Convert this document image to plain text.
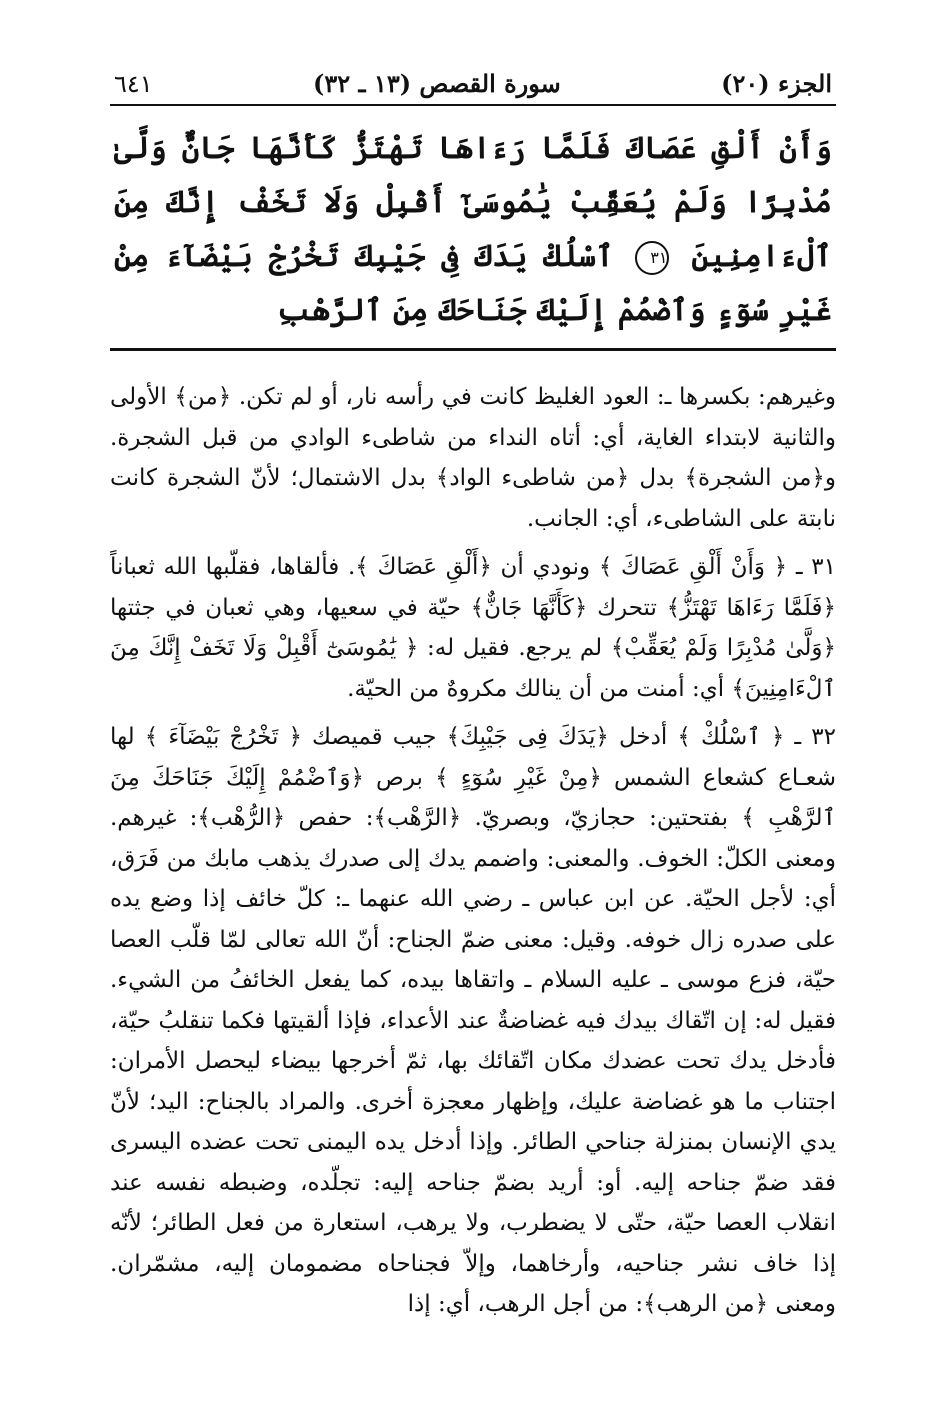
الجزء (٢٠)
سورة القصص (١٣ ـ ٣٢)
٦٤١
وَأَنْ أَلْقِ عَصَاكَ فَلَمَّا رَءَاهَا تَهْتَزُّ كَأَنَّهَا جَانٌّ وَلَّىٰ مُدْبِرًا وَلَمْ يُعَقِّبْ يَٰمُوسَىٰٓ أَقْبِلْ وَلَا تَخَفْ إِنَّكَ مِنَ ٱلْءَامِنِينَ ٣١ ٱسْلُكْ يَدَكَ فِى جَيْبِكَ تَخْرُجْ بَيْضَآءَ مِنْ غَيْرِ سُوٓءٍ وَٱضْمُمْ إِلَيْكَ جَنَاحَكَ مِنَ ٱلرَّهْبِ

وغيرهم: بكسرها ـ: العود الغليظ كانت في رأسه نار، أو لم تكن. ﴿من﴾ الأولى والثانية لابتداء الغاية، أي: أتاه النداء من شاطىء الوادي من قبل الشجرة. و﴿من الشجرة﴾ بدل ﴿من شاطىء الواد﴾ بدل الاشتمال؛ لأنّ الشجرة كانت نابتة على الشاطىء، أي: الجانب.

٣١ ـ ﴿ وَأَنْ أَلْقِ عَصَاكَ ﴾ ونودي أن ﴿أَلْقِ عَصَاكَ ﴾. فألقاها، فقلّبها الله ثعباناً ﴿فَلَمَّا رَءَاهَا تَهْتَزُّ﴾ تتحرك ﴿كَأَنَّهَا جَانٌّ﴾ حيّة في سعيها، وهي ثعبان في جثتها ﴿وَلَّىٰ مُدْبِرًا وَلَمْ يُعَقِّبْ﴾ لم يرجع. فقيل له: ﴿ يَٰمُوسَىٰٓ أَقْبِلْ وَلَا تَخَفْ إِنَّكَ مِنَ ٱلْءَامِنِينَ﴾ أي: أمنت من أن ينالك مكروهٌ من الحيّة.

٣٢ ـ ﴿ ٱسْلُكْ ﴾ أدخل ﴿يَدَكَ فِى جَيْبِكَ﴾ جيب قميصك ﴿ تَخْرُجْ بَيْضَآءَ ﴾ لها شعـاع كشعاع الشمس ﴿مِنْ غَيْرِ سُوٓءٍ ﴾ برص ﴿وَٱضْمُمْ إِلَيْكَ جَنَاحَكَ مِنَ ٱلرَّهْبِ ﴾ بفتحتين: حجازيّ، وبصريّ. ﴿الرَّهْب﴾: حفص ﴿الرُّهْب﴾: غيرهم. ومعنى الكلّ: الخوف. والمعنى: واضمم يدك إلى صدرك يذهب مابك من فَرَق، أي: لأجل الحيّة. عن ابن عباس ـ رضي الله عنهما ـ: كلّ خائف إذا وضع يده على صدره زال خوفه. وقيل: معنى ضمّ الجناح: أنّ الله تعالى لمّا قلّب العصا حيّة، فزع موسى ـ عليه السلام ـ واتقاها بيده، كما يفعل الخائفُ من الشيء. فقيل له: إن اتّقاك بيدك فيه غضاضةٌ عند الأعداء، فإذا ألقيتها فكما تنقلبُ حيّة، فأدخل يدك تحت عضدك مكان اتّقائك بها، ثمّ أخرجها بيضاء ليحصل الأمران: اجتناب ما هو غضاضة عليك، وإظهار معجزة أخرى. والمراد بالجناح: اليد؛ لأنّ يدي الإنسان بمنزلة جناحي الطائر. وإذا أدخل يده اليمنى تحت عضده اليسرى فقد ضمّ جناحه إليه. أو: أريد بضمّ جناحه إليه: تجلّده، وضبطه نفسه عند انقلاب العصا حيّة، حتّى لا يضطرب، ولا يرهب، استعارة من فعل الطائر؛ لأنّه إذا خاف نشر جناحيه، وأرخاهما، وإلاّ فجناحاه مضمومان إليه، مشمّران. ومعنى ﴿من الرهب﴾: من أجل الرهب، أي: إذا
